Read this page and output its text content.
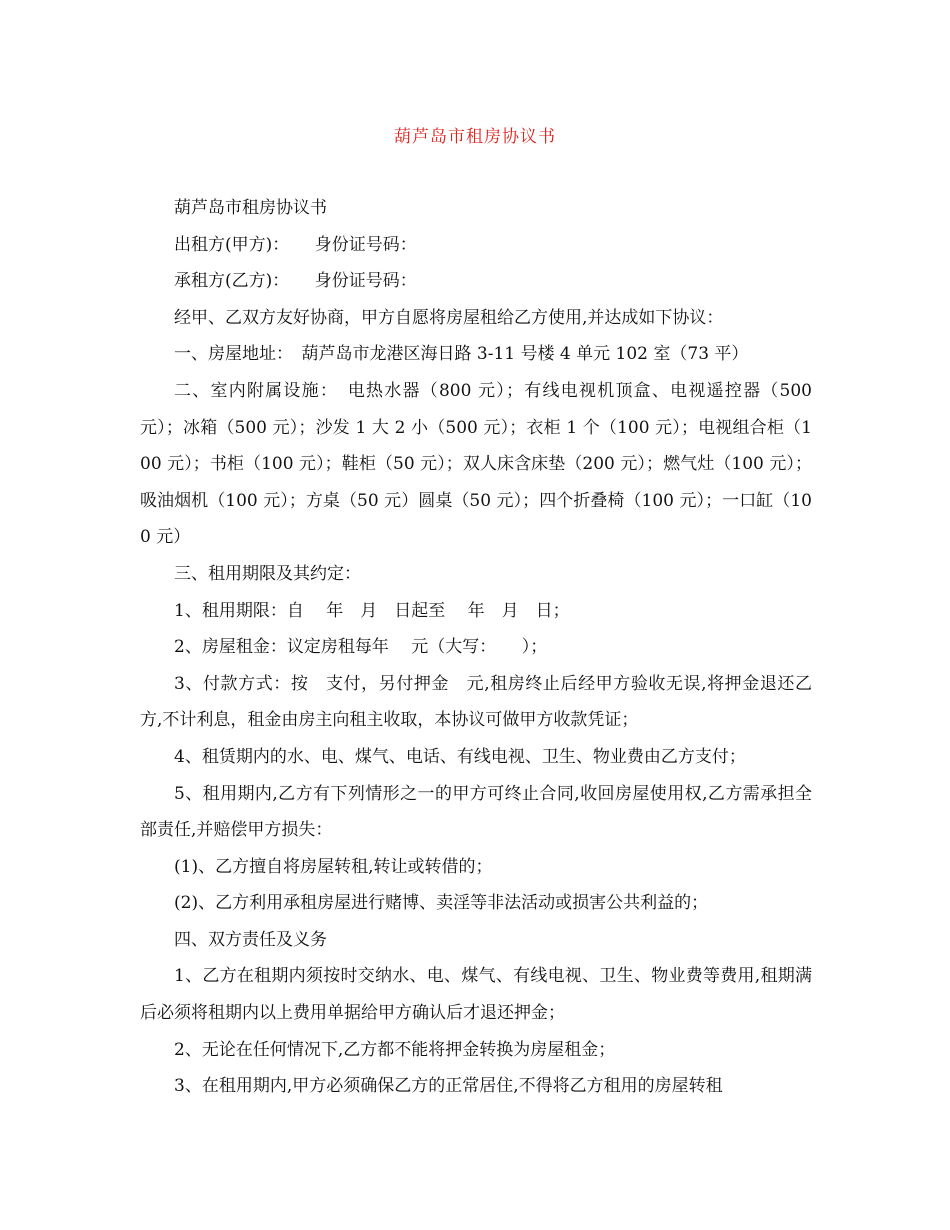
葫芦岛市租房协议书

葫芦岛市租房协议书

出租方(甲方)：　　身份证号码：

承租方(乙方)：　　身份证号码：

经甲、乙双方友好协商，甲方自愿将房屋租给乙方使用,并达成如下协议：

一、房屋地址：　葫芦岛市龙港区海日路 3-11 号楼 4 单元 102 室（73 平）

二、室内附属设施：　电热水器（800 元）；有线电视机顶盒、电视遥控器（500 元）；冰箱（500 元）；沙发 1 大 2 小（500 元）；衣柜 1 个（100 元）；电视组合柜（100 元）；书柜（100 元）；鞋柜（50 元）；双人床含床垫（200 元）；燃气灶（100 元）；吸油烟机（100 元）；方桌（50 元）圆桌（50 元）；四个折叠椅（100 元）；一口缸（100 元）

三、租用期限及其约定：

1、租用期限：自　 年　月　日起至　 年　月　日；

2、房屋租金：议定房租每年　 元（大写：　　）；

3、付款方式：按　支付，另付押金　元,租房终止后经甲方验收无误,将押金退还乙方,不计利息，租金由房主向租主收取，本协议可做甲方收款凭证；

4、租赁期内的水、电、煤气、电话、有线电视、卫生、物业费由乙方支付；

5、租用期内,乙方有下列情形之一的甲方可终止合同,收回房屋使用权,乙方需承担全部责任,并赔偿甲方损失：

(1)、乙方擅自将房屋转租,转让或转借的；

(2)、乙方利用承租房屋进行赌博、卖淫等非法活动或损害公共利益的；

四、双方责任及义务

1、乙方在租期内须按时交纳水、电、煤气、有线电视、卫生、物业费等费用,租期满后必须将租期内以上费用单据给甲方确认后才退还押金；

2、无论在任何情况下,乙方都不能将押金转换为房屋租金；

3、在租用期内,甲方必须确保乙方的正常居住,不得将乙方租用的房屋转租
